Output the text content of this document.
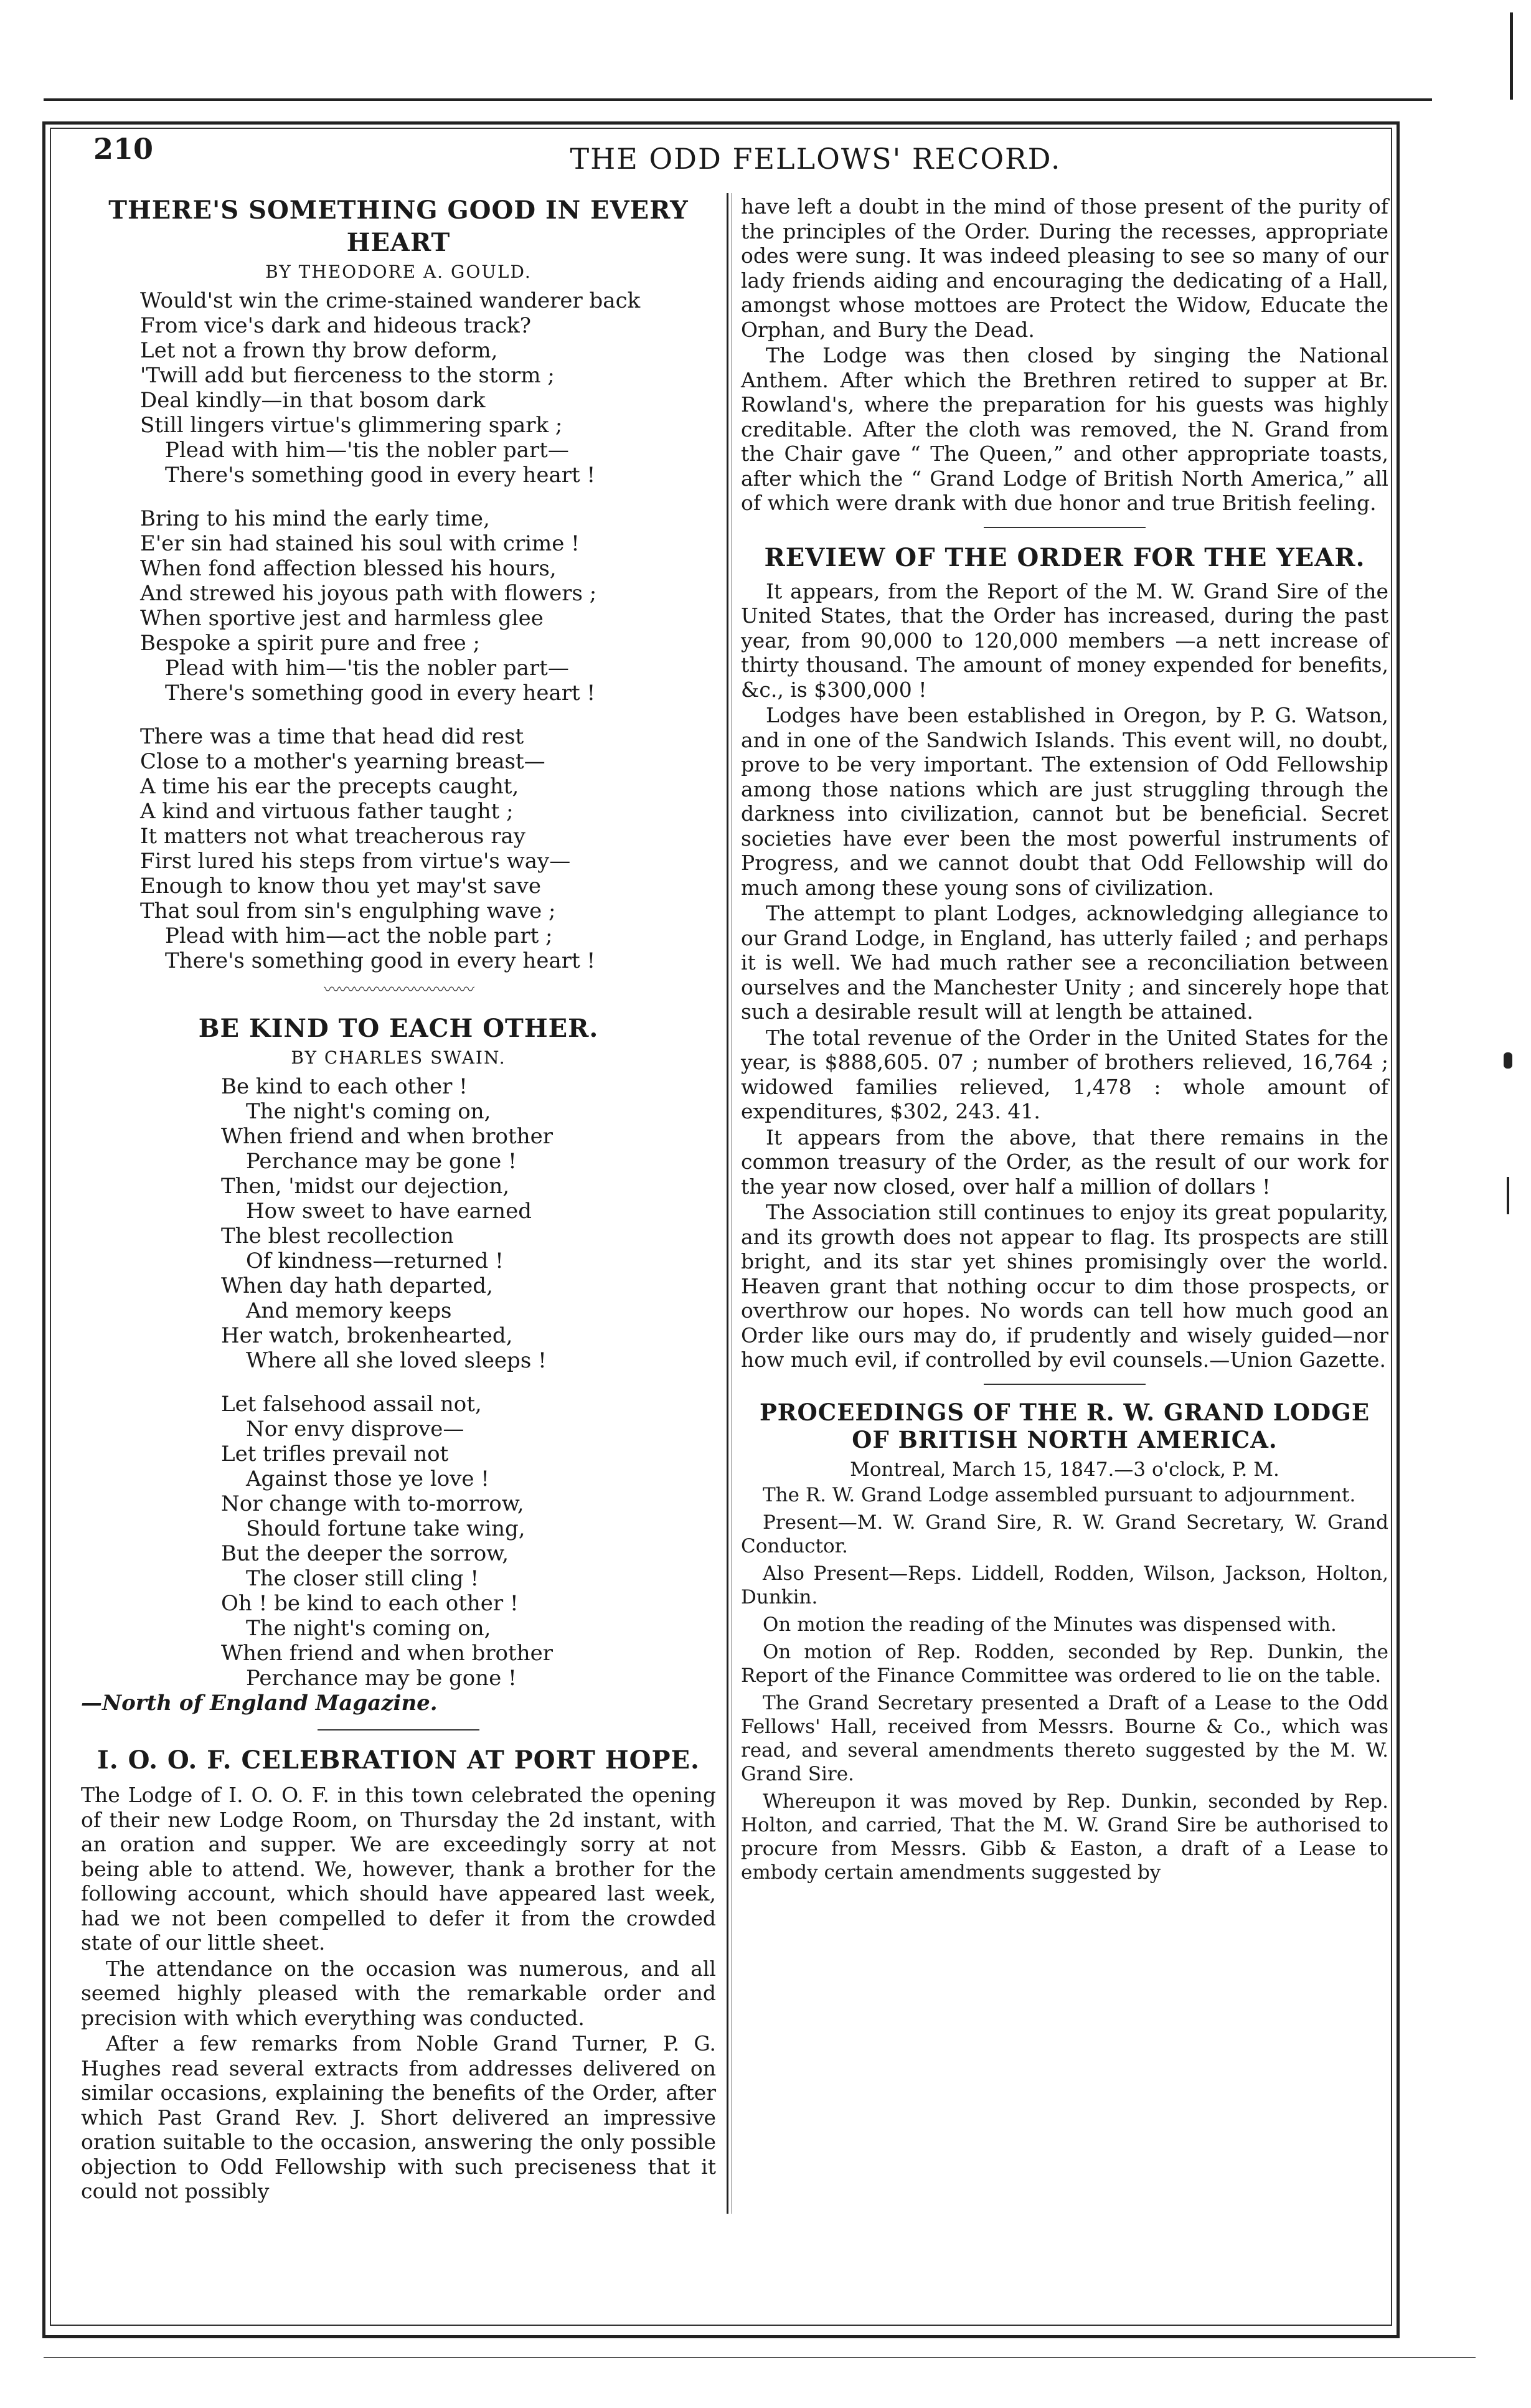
210	THE ODD FELLOWS' RECORD.
THERE'S SOMETHING GOOD IN EVERY HEART
BY THEODORE A. GOULD.
Would'st win the crime-stained wanderer back
From vice's dark and hideous track?
Let not a frown thy brow deform,
'Twill add but fierceness to the storm ;
Deal kindly—in that bosom dark
Still lingers virtue's glimmering spark ;
Plead with him—'tis the nobler part—
There's something good in every heart !
Bring to his mind the early time,
E'er sin had stained his soul with crime !
When fond affection blessed his hours,
And strewed his joyous path with flowers ;
When sportive jest and harmless glee
Bespoke a spirit pure and free ;
Plead with him—'tis the nobler part—
There's something good in every heart !
There was a time that head did rest
Close to a mother's yearning breast—
A time his ear the precepts caught,
A kind and virtuous father taught ;
It matters not what treacherous ray
First lured his steps from virtue's way—
Enough to know thou yet may'st save
That soul from sin's engulphing wave ;
Plead with him—act the noble part ;
There's something good in every heart !
〰〰〰〰〰〰〰〰〰〰
BE KIND TO EACH OTHER.
BY CHARLES SWAIN.
Be kind to each other !
The night's coming on,
When friend and when brother
Perchance may be gone !
Then, 'midst our dejection,
How sweet to have earned
The blest recollection
Of kindness—returned !
When day hath departed,
And memory keeps
Her watch, brokenhearted,
Where all she loved sleeps !
Let falsehood assail not,
Nor envy disprove—
Let trifles prevail not
Against those ye love !
Nor change with to-morrow,
Should fortune take wing,
But the deeper the sorrow,
The closer still cling !
Oh ! be kind to each other !
The night's coming on,
When friend and when brother
Perchance may be gone !
—North of England Magazine.
I. O. O. F. CELEBRATION AT PORT HOPE.

The Lodge of I. O. O. F. in this town celebrated the opening of their new Lodge Room, on Thursday the 2d instant, with an oration and supper. We are exceedingly sorry at not being able to attend. We, however, thank a brother for the following account, which should have appeared last week, had we not been compelled to defer it from the crowded state of our little sheet.

The attendance on the occasion was numerous, and all seemed highly pleased with the remarkable order and precision with which everything was conducted.

After a few remarks from Noble Grand Turner, P. G. Hughes read several extracts from addresses delivered on similar occasions, explaining the benefits of the Order, after which Past Grand Rev. J. Short delivered an impressive oration suitable to the occasion, answering the only possible objection to Odd Fellowship with such preciseness that it could not possibly

have left a doubt in the mind of those present of the purity of the principles of the Order. During the recesses, appropriate odes were sung. It was indeed pleasing to see so many of our lady friends aiding and encouraging the dedicating of a Hall, amongst whose mottoes are Protect the Widow, Educate the Orphan, and Bury the Dead.

The Lodge was then closed by singing the National Anthem. After which the Brethren retired to supper at Br. Rowland's, where the preparation for his guests was highly creditable. After the cloth was removed, the N. Grand from the Chair gave “ The Queen,” and other appropriate toasts, after which the “ Grand Lodge of British North America,” all of which were drank with due honor and true British feeling.

REVIEW OF THE ORDER FOR THE YEAR.

It appears, from the Report of the M. W. Grand Sire of the United States, that the Order has increased, during the past year, from 90,000 to 120,000 members —a nett increase of thirty thousand. The amount of money expended for benefits, &c., is $300,000 !

Lodges have been established in Oregon, by P. G. Watson, and in one of the Sandwich Islands. This event will, no doubt, prove to be very important. The extension of Odd Fellowship among those nations which are just struggling through the darkness into civilization, cannot but be beneficial. Secret societies have ever been the most powerful instruments of Progress, and we cannot doubt that Odd Fellowship will do much among these young sons of civilization.

The attempt to plant Lodges, acknowledging allegiance to our Grand Lodge, in England, has utterly failed ; and perhaps it is well. We had much rather see a reconciliation between ourselves and the Manchester Unity ; and sincerely hope that such a desirable result will at length be attained.

The total revenue of the Order in the United States for the year, is $888,605. 07 ; number of brothers relieved, 16,764 ; widowed families relieved, 1,478 : whole amount of expenditures, $302, 243. 41.

It appears from the above, that there remains in the common treasury of the Order, as the result of our work for the year now closed, over half a million of dollars !

The Association still continues to enjoy its great popularity, and its growth does not appear to flag. Its prospects are still bright, and its star yet shines promisingly over the world. Heaven grant that nothing occur to dim those prospects, or overthrow our hopes. No words can tell how much good an Order like ours may do, if prudently and wisely guided—nor how much evil, if controlled by evil counsels.—Union Gazette.

PROCEEDINGS OF THE R. W. GRAND LODGE OF BRITISH NORTH AMERICA.
Montreal, March 15, 1847.—3 o'clock, P. M.

The R. W. Grand Lodge assembled pursuant to adjournment.

Present—M. W. Grand Sire, R. W. Grand Secretary, W. Grand Conductor.

Also Present—Reps. Liddell, Rodden, Wilson, Jackson, Holton, Dunkin.

On motion the reading of the Minutes was dispensed with.

On motion of Rep. Rodden, seconded by Rep. Dunkin, the Report of the Finance Committee was ordered to lie on the table.

The Grand Secretary presented a Draft of a Lease to the Odd Fellows' Hall, received from Messrs. Bourne & Co., which was read, and several amendments thereto suggested by the M. W. Grand Sire.

Whereupon it was moved by Rep. Dunkin, seconded by Rep. Holton, and carried, That the M. W. Grand Sire be authorised to procure from Messrs. Gibb & Easton, a draft of a Lease to embody certain amendments suggested by
